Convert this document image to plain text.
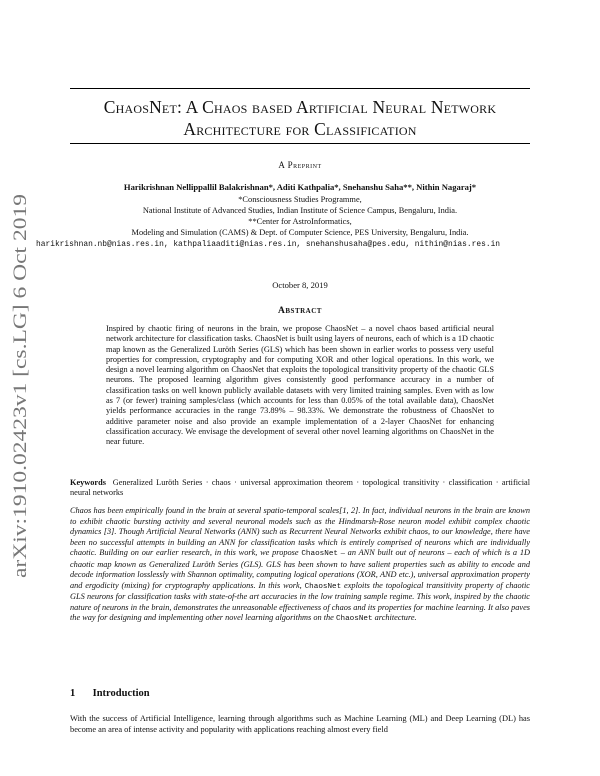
arXiv:1910.02423v1 [cs.LG] 6 Oct 2019
ChaosNet: A Chaos based Artificial Neural Network
Architecture for Classification
A Preprint
Harikrishnan Nellippallil Balakrishnan*, Aditi Kathpalia*, Snehanshu Saha**, Nithin Nagaraj*
*Consciousness Studies Programme,
National Institute of Advanced Studies, Indian Institute of Science Campus, Bengaluru, India.
**Center for AstroInformatics,
Modeling and Simulation (CAMS) & Dept. of Computer Science, PES University, Bengaluru, India.
harikrishnan.nb@nias.res.in, kathpaliaaditi@nias.res.in, snehanshusaha@pes.edu, nithin@nias.res.in
October 8, 2019
Abstract
Inspired by chaotic firing of neurons in the brain, we propose ChaosNet – a novel chaos based artificial neural network architecture for classification tasks. ChaosNet is built using layers of neurons, each of which is a 1D chaotic map known as the Generalized Luröth Series (GLS) which has been shown in earlier works to possess very useful properties for compression, cryptography and for computing XOR and other logical operations. In this work, we design a novel learning algorithm on ChaosNet that exploits the topological transitivity property of the chaotic GLS neurons. The proposed learning algorithm gives consistently good performance accuracy in a number of classification tasks on well known publicly available datasets with very limited training samples. Even with as low as 7 (or fewer) training samples/class (which accounts for less than 0.05% of the total available data), ChaosNet yields performance accuracies in the range 73.89% – 98.33%. We demonstrate the robustness of ChaosNet to additive parameter noise and also provide an example implementation of a 2-layer ChaosNet for enhancing classification accuracy. We envisage the development of several other novel learning algorithms on ChaosNet in the near future.
Keywords Generalized Luröth Series · chaos · universal approximation theorem · topological transitivity · classification · artificial neural networks
Chaos has been empirically found in the brain at several spatio-temporal scales[1, 2]. In fact, individual neurons in the brain are known to exhibit chaotic bursting activity and several neuronal models such as the Hindmarsh-Rose neuron model exhibit complex chaotic dynamics [3]. Though Artificial Neural Networks (ANN) such as Recurrent Neural Networks exhibit chaos, to our knowledge, there have been no successful attempts in building an ANN for classification tasks which is entirely comprised of neurons which are individually chaotic. Building on our earlier research, in this work, we propose ChaosNet – an ANN built out of neurons – each of which is a 1D chaotic map known as Generalized Luröth Series (GLS). GLS has been shown to have salient properties such as ability to encode and decode information losslessly with Shannon optimality, computing logical operations (XOR, AND etc.), universal approximation property and ergodicity (mixing) for cryptography applications. In this work, ChaosNet exploits the topological transitivity property of chaotic GLS neurons for classification tasks with state-of-the art accuracies in the low training sample regime. This work, inspired by the chaotic nature of neurons in the brain, demonstrates the unreasonable effectiveness of chaos and its properties for machine learning. It also paves the way for designing and implementing other novel learning algorithms on the ChaosNet architecture.
1 Introduction
With the success of Artificial Intelligence, learning through algorithms such as Machine Learning (ML) and Deep Learning (DL) has become an area of intense activity and popularity with applications reaching almost every field
